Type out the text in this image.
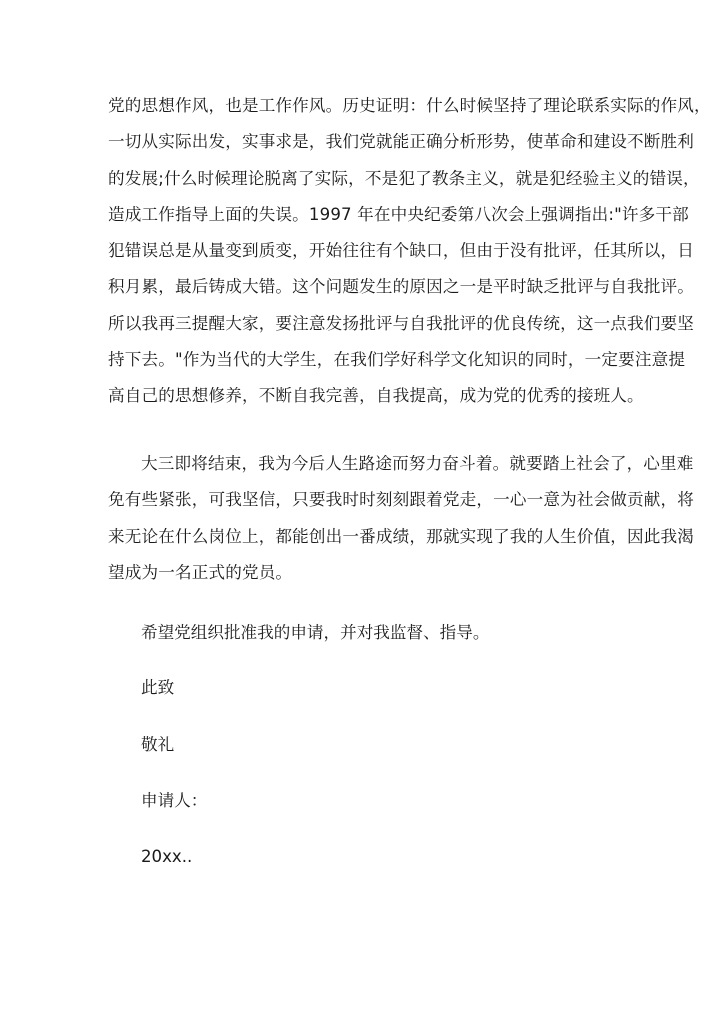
党的思想作风，也是工作作风。历史证明：什么时候坚持了理论联系实际的作风，
一切从实际出发，实事求是，我们党就能正确分析形势，使革命和建设不断胜利
的发展;什么时候理论脱离了实际，不是犯了教条主义，就是犯经验主义的错误，
造成工作指导上面的失误。1997 年在中央纪委第八次会上强调指出:"许多干部
犯错误总是从量变到质变，开始往往有个缺口，但由于没有批评，任其所以，日
积月累，最后铸成大错。这个问题发生的原因之一是平时缺乏批评与自我批评。
所以我再三提醒大家，要注意发扬批评与自我批评的优良传统，这一点我们要坚
持下去。"作为当代的大学生，在我们学好科学文化知识的同时，一定要注意提
高自己的思想修养，不断自我完善，自我提高，成为党的优秀的接班人。

大三即将结束，我为今后人生路途而努力奋斗着。就要踏上社会了，心里难
免有些紧张，可我坚信，只要我时时刻刻跟着党走，一心一意为社会做贡献，将
来无论在什么岗位上，都能创出一番成绩，那就实现了我的人生价值，因此我渴
望成为一名正式的党员。

希望党组织批准我的申请，并对我监督、指导。

此致

敬礼

申请人：

20xx..
